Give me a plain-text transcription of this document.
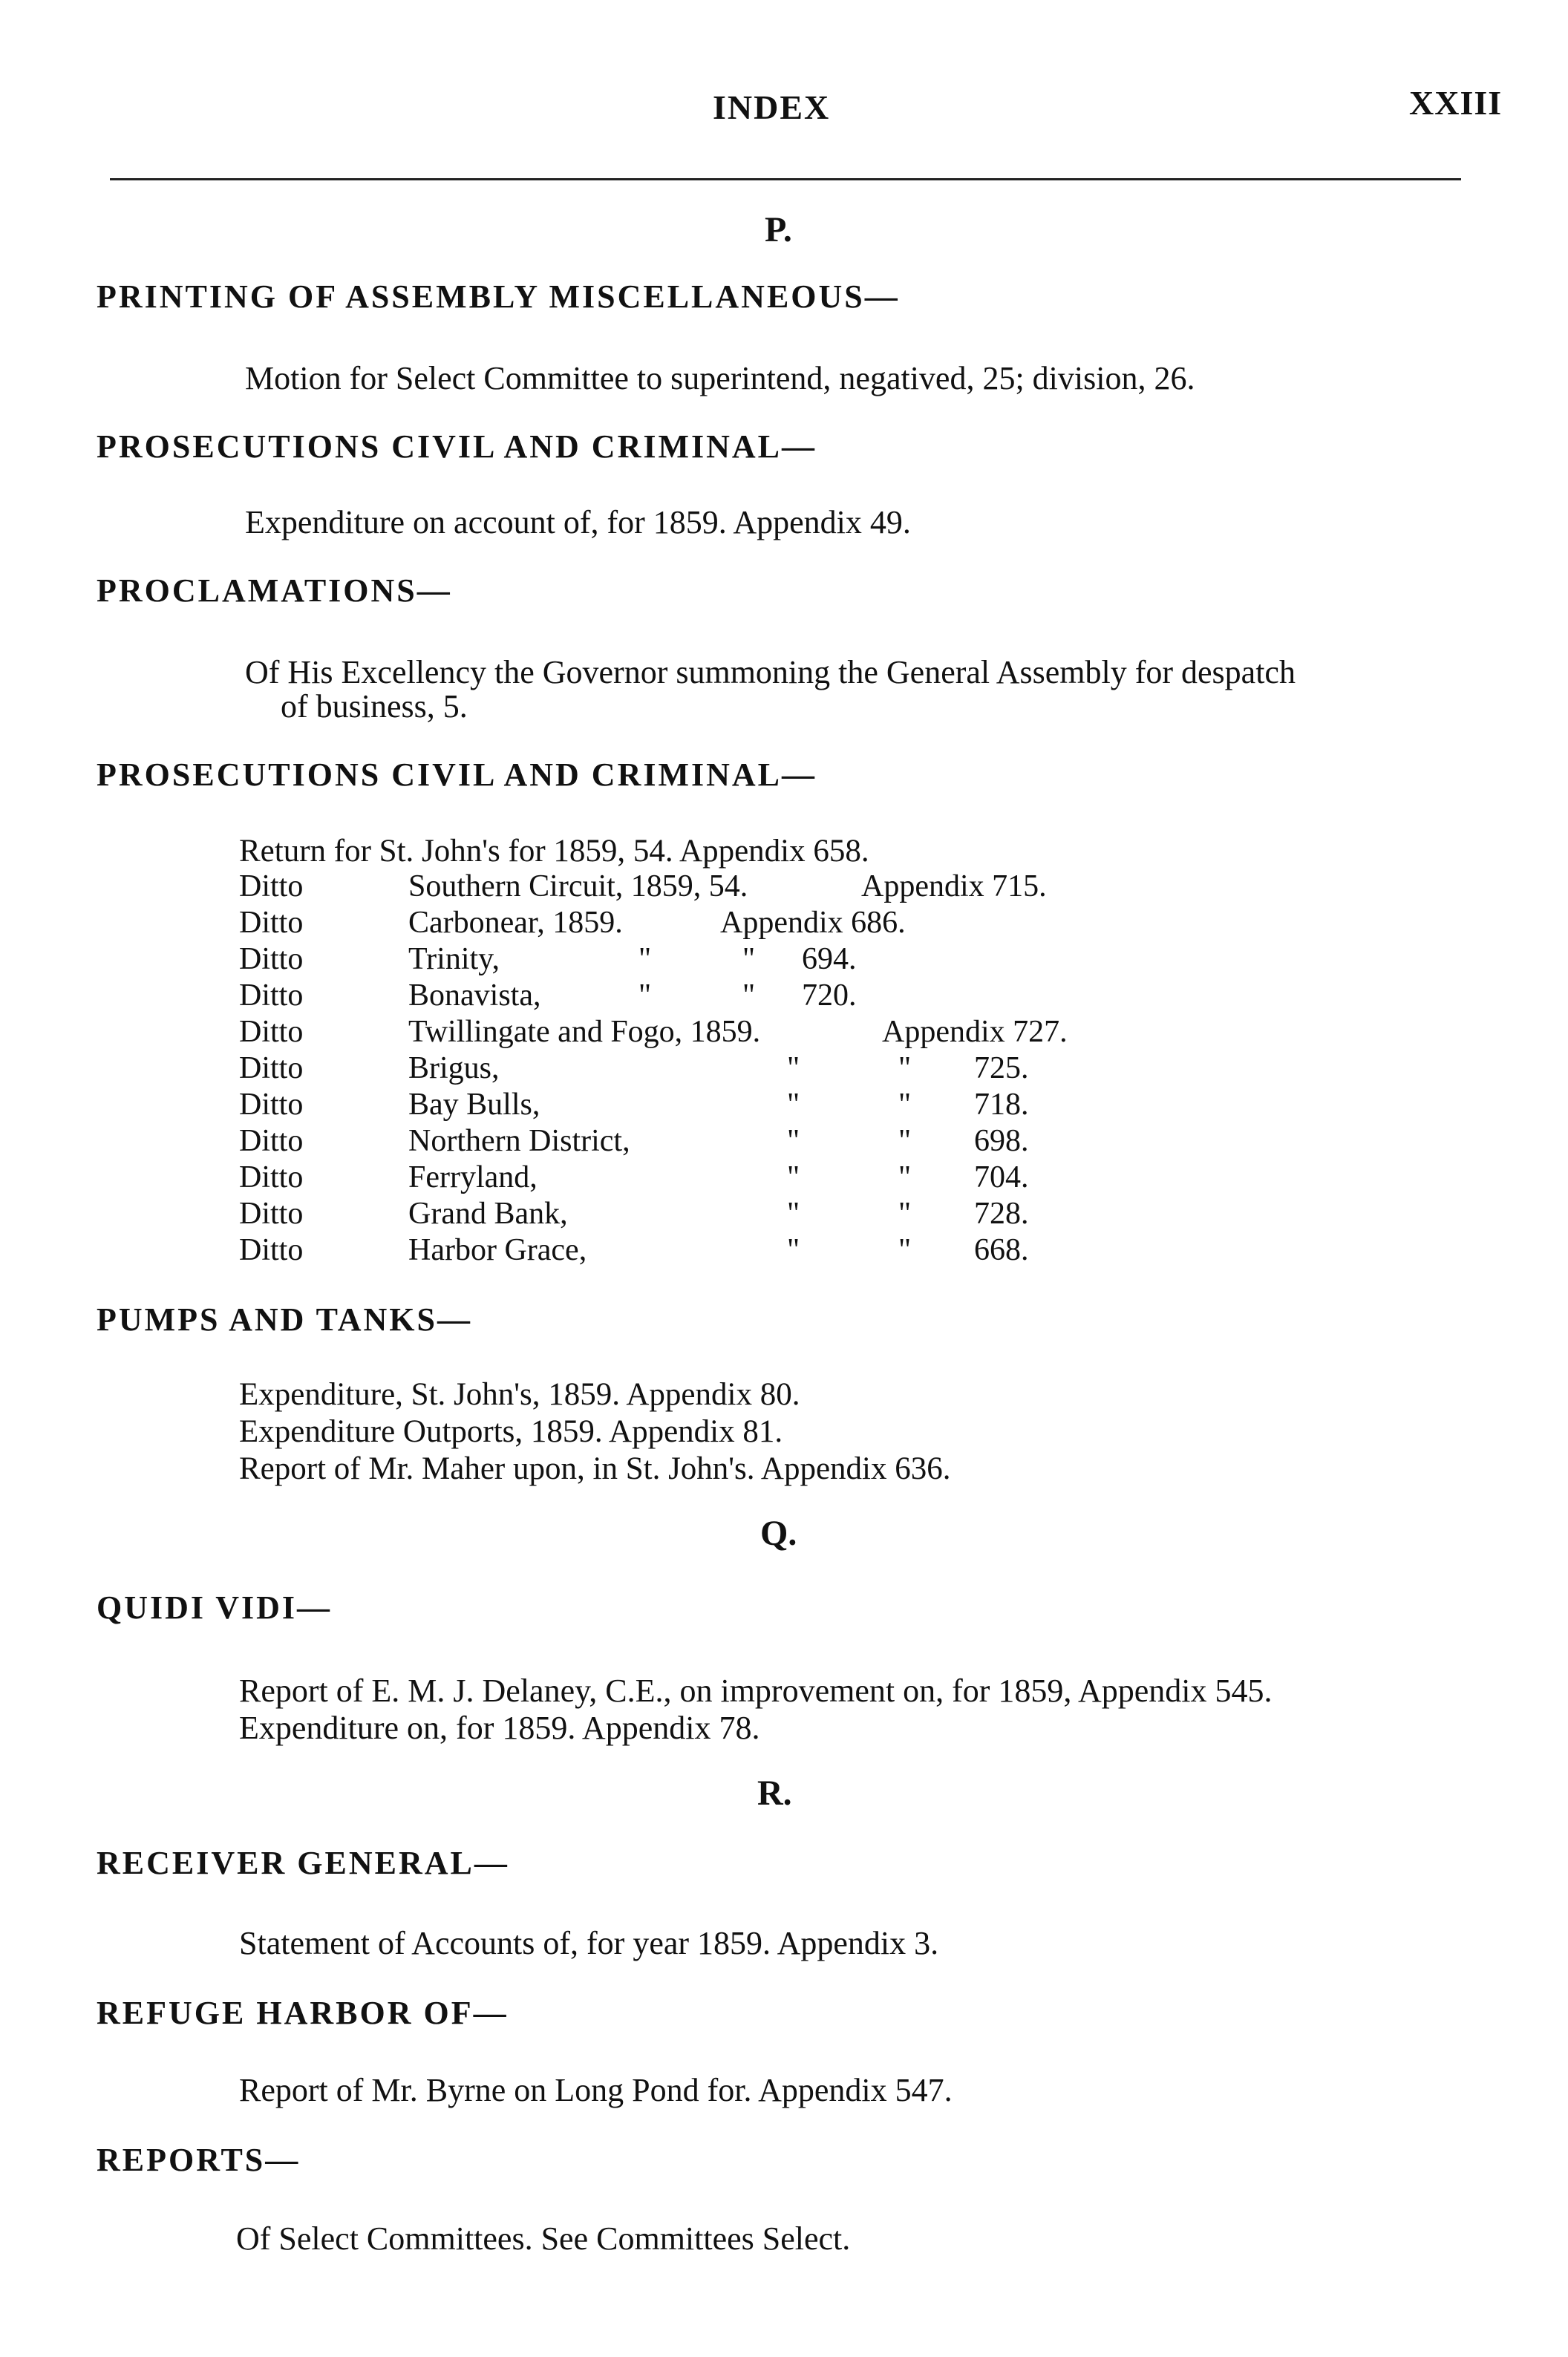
INDEX	XXIII
P.
PRINTING OF ASSEMBLY MISCELLANEOUS—
Motion for Select Committee to superintend, negatived, 25; division, 26.
PROSECUTIONS CIVIL AND CRIMINAL—
Expenditure on account of, for 1859. Appendix 49.
PROCLAMATIONS—
Of His Excellency the Governor summoning the General Assembly for despatch
of business, 5.
PROSECUTIONS CIVIL AND CRIMINAL—
Return for St. John's for 1859, 54. Appendix 658.
Ditto	Southern Circuit, 1859, 54.	Appendix 715.
Ditto	Carbonear, 1859.	Appendix 686.
Ditto	Trinity,	"	" 694.
Ditto	Bonavista,	"	" 720.
Ditto	Twillingate and Fogo, 1859.	Appendix 727.
Ditto	Brigus,	"	" 725.
Ditto	Bay Bulls,	"	" 718.
Ditto	Northern District,	"	" 698.
Ditto	Ferryland,	"	" 704.
Ditto	Grand Bank,	"	" 728.
Ditto	Harbor Grace,	"	" 668.
PUMPS AND TANKS—
Expenditure, St. John's, 1859. Appendix 80.
Expenditure Outports, 1859. Appendix 81.
Report of Mr. Maher upon, in St. John's. Appendix 636.
Q.
QUIDI VIDI—
Report of E. M. J. Delaney, C.E., on improvement on, for 1859, Appendix 545.
Expenditure on, for 1859. Appendix 78.
R.
RECEIVER GENERAL—
Statement of Accounts of, for year 1859. Appendix 3.
REFUGE HARBOR OF—
Report of Mr. Byrne on Long Pond for. Appendix 547.
REPORTS—
Of Select Committees. See Committees Select.
